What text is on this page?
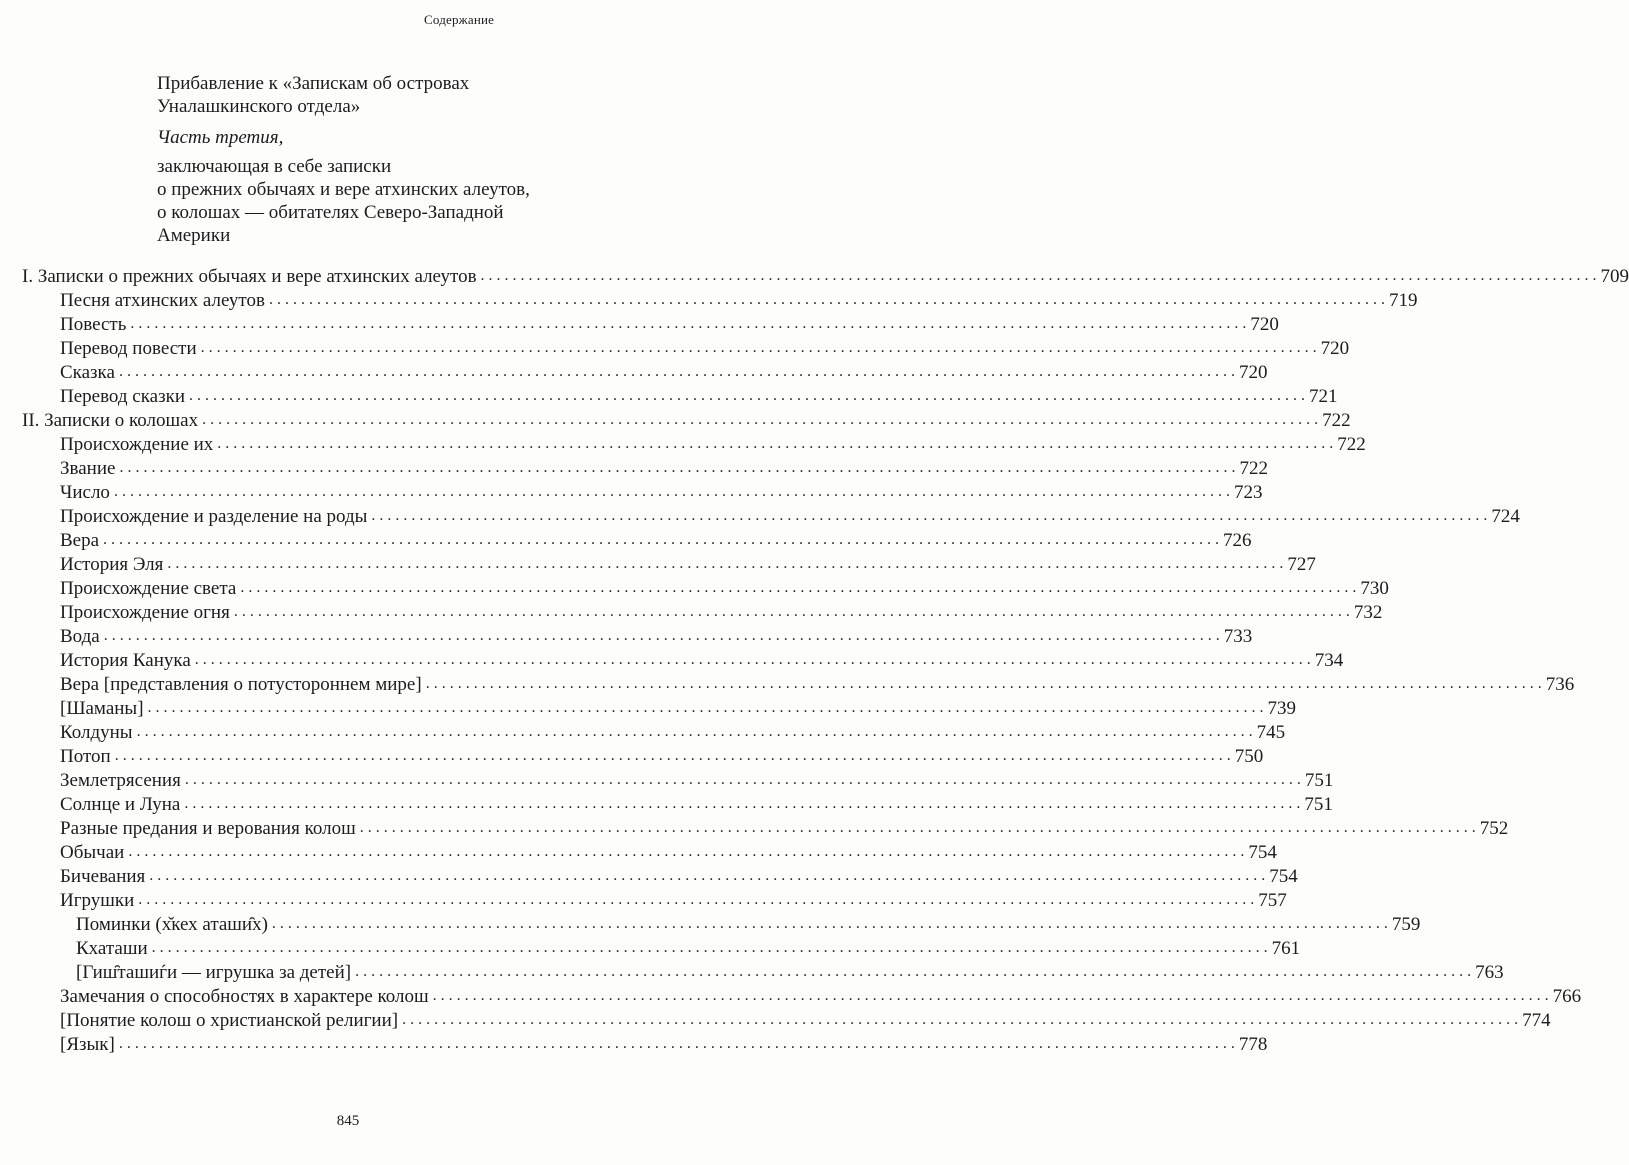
Содержание
Прибавление к «Запискам об островах
Уналашкинского отдела»
Часть третия,
заключающая в себе записки
о прежних обычаях и вере атхинских алеутов,
о колошах — обитателях Северо-Западной
Америки
I. Записки о прежних обычаях и вере атхинских алеутов ............................................................................................................................................ 709
Песня атхинских алеутов ............................................................................................................................................ 719
Повесть ............................................................................................................................................ 720
Перевод повести ............................................................................................................................................ 720
Сказка ............................................................................................................................................ 720
Перевод сказки ............................................................................................................................................ 721
II. Записки о колошах ............................................................................................................................................ 722
Происхождение их ............................................................................................................................................ 722
Звание ............................................................................................................................................ 722
Число ............................................................................................................................................ 723
Происхождение и разделение на роды ............................................................................................................................................ 724
Вера ............................................................................................................................................ 726
История Эля ............................................................................................................................................ 727
Происхождение света ............................................................................................................................................ 730
Происхождение огня ............................................................................................................................................ 732
Вода ............................................................................................................................................ 733
История Канука ............................................................................................................................................ 734
Вера [представления о потустороннем мире] ............................................................................................................................................ 736
[Шаманы] ............................................................................................................................................ 739
Колдуны ............................................................................................................................................ 745
Потоп ............................................................................................................................................ 750
Землетрясения ............................................................................................................................................ 751
Солнце и Луна ............................................................................................................................................ 751
Разные предания и верования колош ............................................................................................................................................ 752
Обычаи ............................................................................................................................................ 754
Бичевания ............................................................................................................................................ 754
Игрушки ............................................................................................................................................ 757
Поминки (х̌кех аташи̑х) ............................................................................................................................................ 759
Кхаташи ............................................................................................................................................ 761
[Гиш̑ташиѓи — игрушка за детей] ............................................................................................................................................ 763
Замечания о способностях в характере колош ............................................................................................................................................ 766
[Понятие колош о христианской религии] ............................................................................................................................................ 774
[Язык] ............................................................................................................................................ 778
845
